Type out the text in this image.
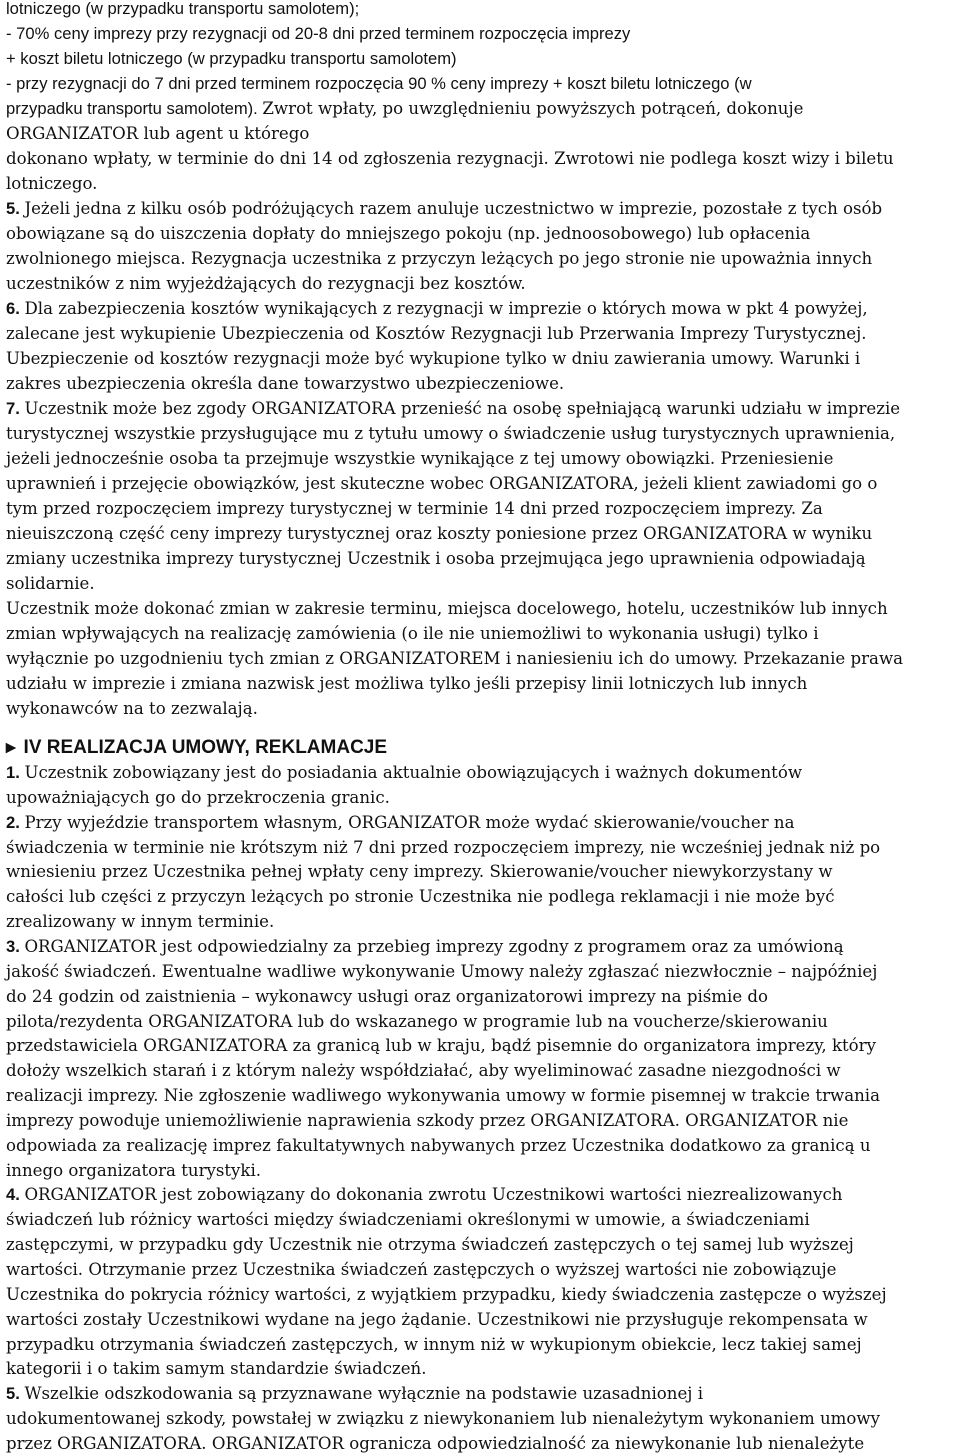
lotniczego (w przypadku transportu samolotem);
- 70% ceny imprezy przy rezygnacji od 20-8 dni przed terminem rozpoczęcia imprezy
+ koszt biletu lotniczego (w przypadku transportu samolotem)
- przy rezygnacji do 7 dni przed terminem rozpoczęcia 90 % ceny imprezy + koszt biletu lotniczego (w
przypadku transportu samolotem). Zwrot wpłaty, po uwzględnieniu powyższych potrąceń, dokonuje
ORGANIZATOR lub agent u którego
dokonano wpłaty, w terminie do dni 14 od zgłoszenia rezygnacji. Zwrotowi nie podlega koszt wizy i biletu
lotniczego.
5. Jeżeli jedna z kilku osób podróżujących razem anuluje uczestnictwo w imprezie, pozostałe z tych osób
obowiązane są do uiszczenia dopłaty do mniejszego pokoju (np. jednoosobowego) lub opłacenia
zwolnionego miejsca. Rezygnacja uczestnika z przyczyn leżących po jego stronie nie upoważnia innych
uczestników z nim wyjeżdżających do rezygnacji bez kosztów.
6. Dla zabezpieczenia kosztów wynikających z rezygnacji w imprezie o których mowa w pkt 4 powyżej,
zalecane jest wykupienie Ubezpieczenia od Kosztów Rezygnacji lub Przerwania Imprezy Turystycznej.
Ubezpieczenie od kosztów rezygnacji może być wykupione tylko w dniu zawierania umowy. Warunki i
zakres ubezpieczenia określa dane towarzystwo ubezpieczeniowe.
7. Uczestnik może bez zgody ORGANIZATORA przenieść na osobę spełniającą warunki udziału w imprezie
turystycznej wszystkie przysługujące mu z tytułu umowy o świadczenie usług turystycznych uprawnienia,
jeżeli jednocześnie osoba ta przejmuje wszystkie wynikające z tej umowy obowiązki. Przeniesienie
uprawnień i przejęcie obowiązków, jest skuteczne wobec ORGANIZATORA, jeżeli klient zawiadomi go o
tym przed rozpoczęciem imprezy turystycznej w terminie 14 dni przed rozpoczęciem imprezy. Za
nieuiszczoną część ceny imprezy turystycznej oraz koszty poniesione przez ORGANIZATORA w wyniku
zmiany uczestnika imprezy turystycznej Uczestnik i osoba przejmująca jego uprawnienia odpowiadają
solidarnie.
Uczestnik może dokonać zmian w zakresie terminu, miejsca docelowego, hotelu, uczestników lub innych
zmian wpływających na realizację zamówienia (o ile nie uniemożliwi to wykonania usługi) tylko i
wyłącznie po uzgodnieniu tych zmian z ORGANIZATOREM i naniesieniu ich do umowy. Przekazanie prawa
udziału w imprezie i zmiana nazwisk jest możliwa tylko jeśli przepisy linii lotniczych lub innych
wykonawców na to zezwalają.
1. Uczestnik zobowiązany jest do posiadania aktualnie obowiązujących i ważnych dokumentów
upoważniających go do przekroczenia granic.
2. Przy wyjeździe transportem własnym, ORGANIZATOR może wydać skierowanie/voucher na
świadczenia w terminie nie krótszym niż 7 dni przed rozpoczęciem imprezy, nie wcześniej jednak niż po
wniesieniu przez Uczestnika pełnej wpłaty ceny imprezy. Skierowanie/voucher niewykorzystany w
całości lub części z przyczyn leżących po stronie Uczestnika nie podlega reklamacji i nie może być
zrealizowany w innym terminie.
3. ORGANIZATOR jest odpowiedzialny za przebieg imprezy zgodny z programem oraz za umówioną
jakość świadczeń. Ewentualne wadliwe wykonywanie Umowy należy zgłaszać niezwłocznie – najpóźniej
do 24 godzin od zaistnienia – wykonawcy usługi oraz organizatorowi imprezy na piśmie do
pilota/rezydenta ORGANIZATORA lub do wskazanego w programie lub na voucherze/skierowaniu
przedstawiciela ORGANIZATORA za granicą lub w kraju, bądź pisemnie do organizatora imprezy, który
dołoży wszelkich starań i z którym należy współdziałać, aby wyeliminować zasadne niezgodności w
realizacji imprezy. Nie zgłoszenie wadliwego wykonywania umowy w formie pisemnej w trakcie trwania
imprezy powoduje uniemożliwienie naprawienia szkody przez ORGANIZATORA. ORGANIZATOR nie
odpowiada za realizację imprez fakultatywnych nabywanych przez Uczestnika dodatkowo za granicą u
innego organizatora turystyki.
4. ORGANIZATOR jest zobowiązany do dokonania zwrotu Uczestnikowi wartości niezrealizowanych
świadczeń lub różnicy wartości między świadczeniami określonymi w umowie, a świadczeniami
zastępczymi, w przypadku gdy Uczestnik nie otrzyma świadczeń zastępczych o tej samej lub wyższej
wartości. Otrzymanie przez Uczestnika świadczeń zastępczych o wyższej wartości nie zobowiązuje
Uczestnika do pokrycia różnicy wartości, z wyjątkiem przypadku, kiedy świadczenia zastępcze o wyższej
wartości zostały Uczestnikowi wydane na jego żądanie. Uczestnikowi nie przysługuje rekompensata w
przypadku otrzymania świadczeń zastępczych, w innym niż w wykupionym obiekcie, lecz takiej samej
kategorii i o takim samym standardzie świadczeń.
5. Wszelkie odszkodowania są przyznawane wyłącznie na podstawie uzasadnionej i
udokumentowanej szkody, powstałej w związku z niewykonaniem lub nienależytym wykonaniem umowy
przez ORGANIZATORA. ORGANIZATOR ogranicza odpowiedzialność za niewykonanie lub nienależyte
▸ IV REALIZACJA UMOWY, REKLAMACJE
